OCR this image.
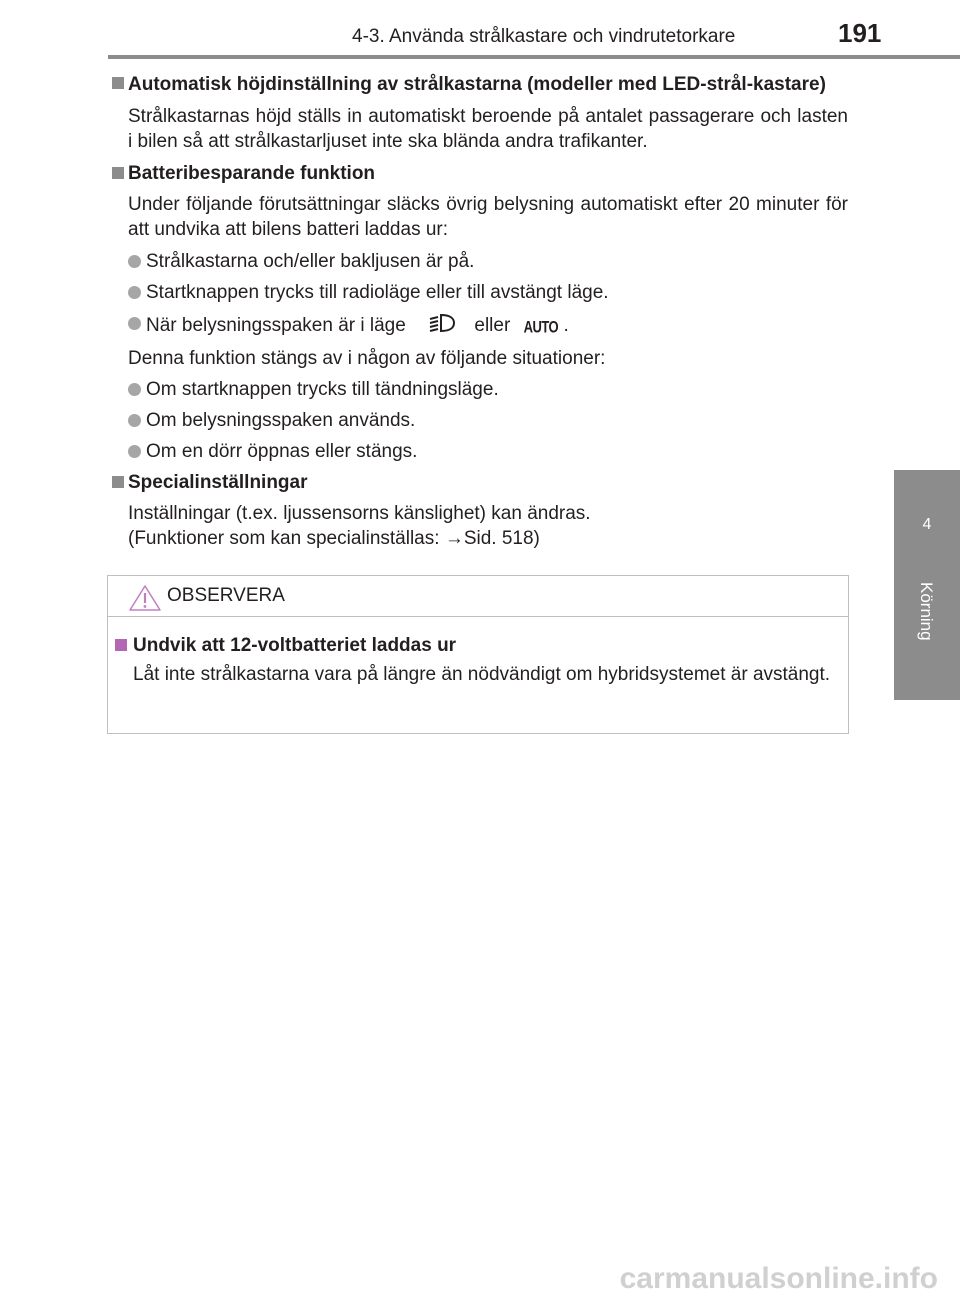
4-3. Använda strålkastare och vindrutetorkare	191
4
Körning
Automatisk höjdinställning av strålkastarna (modeller med LED-strål-kastare)

Strålkastarnas höjd ställs in automatiskt beroende på antalet passagerare och lasten i bilen så att strålkastarljuset inte ska blända andra trafikanter.

Batteribesparande funktion

Under följande förutsättningar släcks övrig belysning automatiskt efter 20 minuter för att undvika att bilens batteri laddas ur:

Strålkastarna och/eller bakljusen är på.
Startknappen trycks till radioläge eller till avstängt läge.
När belysningsspaken är i läge	eller AUTO .

Denna funktion stängs av i någon av följande situationer:

Om startknappen trycks till tändningsläge.
Om belysningsspaken används.
Om en dörr öppnas eller stängs.
Specialinställningar

Inställningar (t.ex. ljussensorns känslighet) kan ändras.
(Funktioner som kan specialinställas: →Sid. 518)

OBSERVERA
Undvik att 12-voltbatteriet laddas ur
Låt inte strålkastarna vara på längre än nödvändigt om hybridsystemet är avstängt.
carmanualsonline.info
